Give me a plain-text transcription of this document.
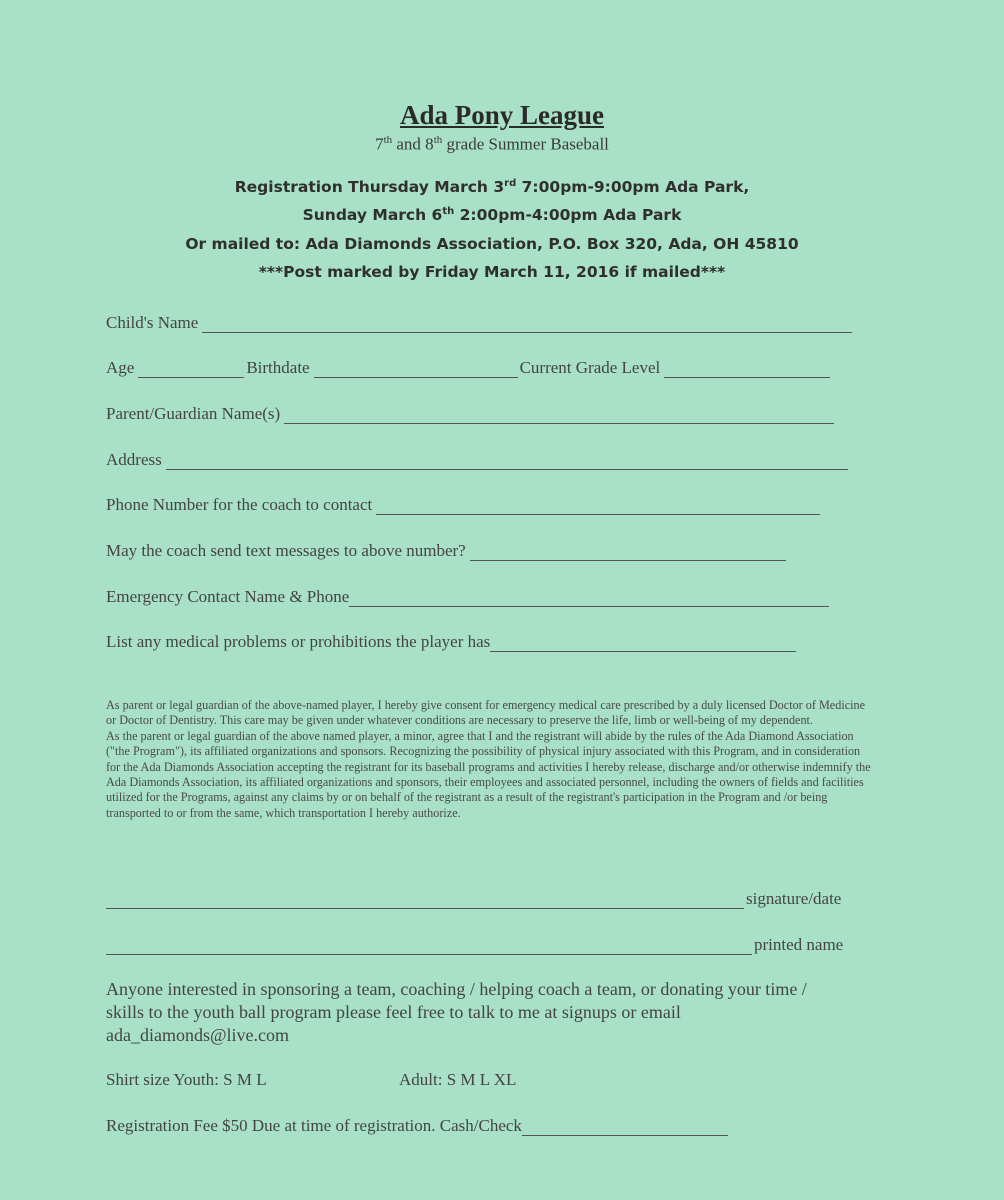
Ada Pony League
7th and 8th grade Summer Baseball
Registration Thursday March 3rd 7:00pm-9:00pm Ada Park,
Sunday March 6th 2:00pm-4:00pm Ada Park
Or mailed to: Ada Diamonds Association, P.O. Box 320, Ada, OH 45810
***Post marked by Friday March 11, 2016 if mailed***
Child's Name
Age	Birthdate	Current Grade Level
Parent/Guardian Name(s)
Address
Phone Number for the coach to contact
May the coach send text messages to above number?
Emergency Contact Name & Phone
List any medical problems or prohibitions the player has

As parent or legal guardian of the above-named player, I hereby give consent for emergency medical care prescribed by a duly licensed Doctor of Medicine or Doctor of Dentistry. This care may be given under whatever conditions are necessary to preserve the life, limb or well-being of my dependent.

As the parent or legal guardian of the above named player, a minor, agree that I and the registrant will abide by the rules of the Ada Diamond Association ("the Program"), its affiliated organizations and sponsors. Recognizing the possibility of physical injury associated with this Program, and in consideration for the Ada Diamonds Association accepting the registrant for its baseball programs and activities I hereby release, discharge and/or otherwise indemnify the Ada Diamonds Association, its affiliated organizations and sponsors, their employees and associated personnel, including the owners of fields and facilities utilized for the Programs, against any claims by or on behalf of the registrant as a result of the registrant's participation in the Program and /or being transported to or from the same, which transportation I hereby authorize.

signature/date
printed name

Anyone interested in sponsoring a team, coaching / helping coach a team, or donating your time /

skills to the youth ball program please feel free to talk to me at signups or email

ada_diamonds@live.com

Shirt size Youth: S M L	Adult: S M L XL
Registration Fee $50 Due at time of registration. Cash/Check
